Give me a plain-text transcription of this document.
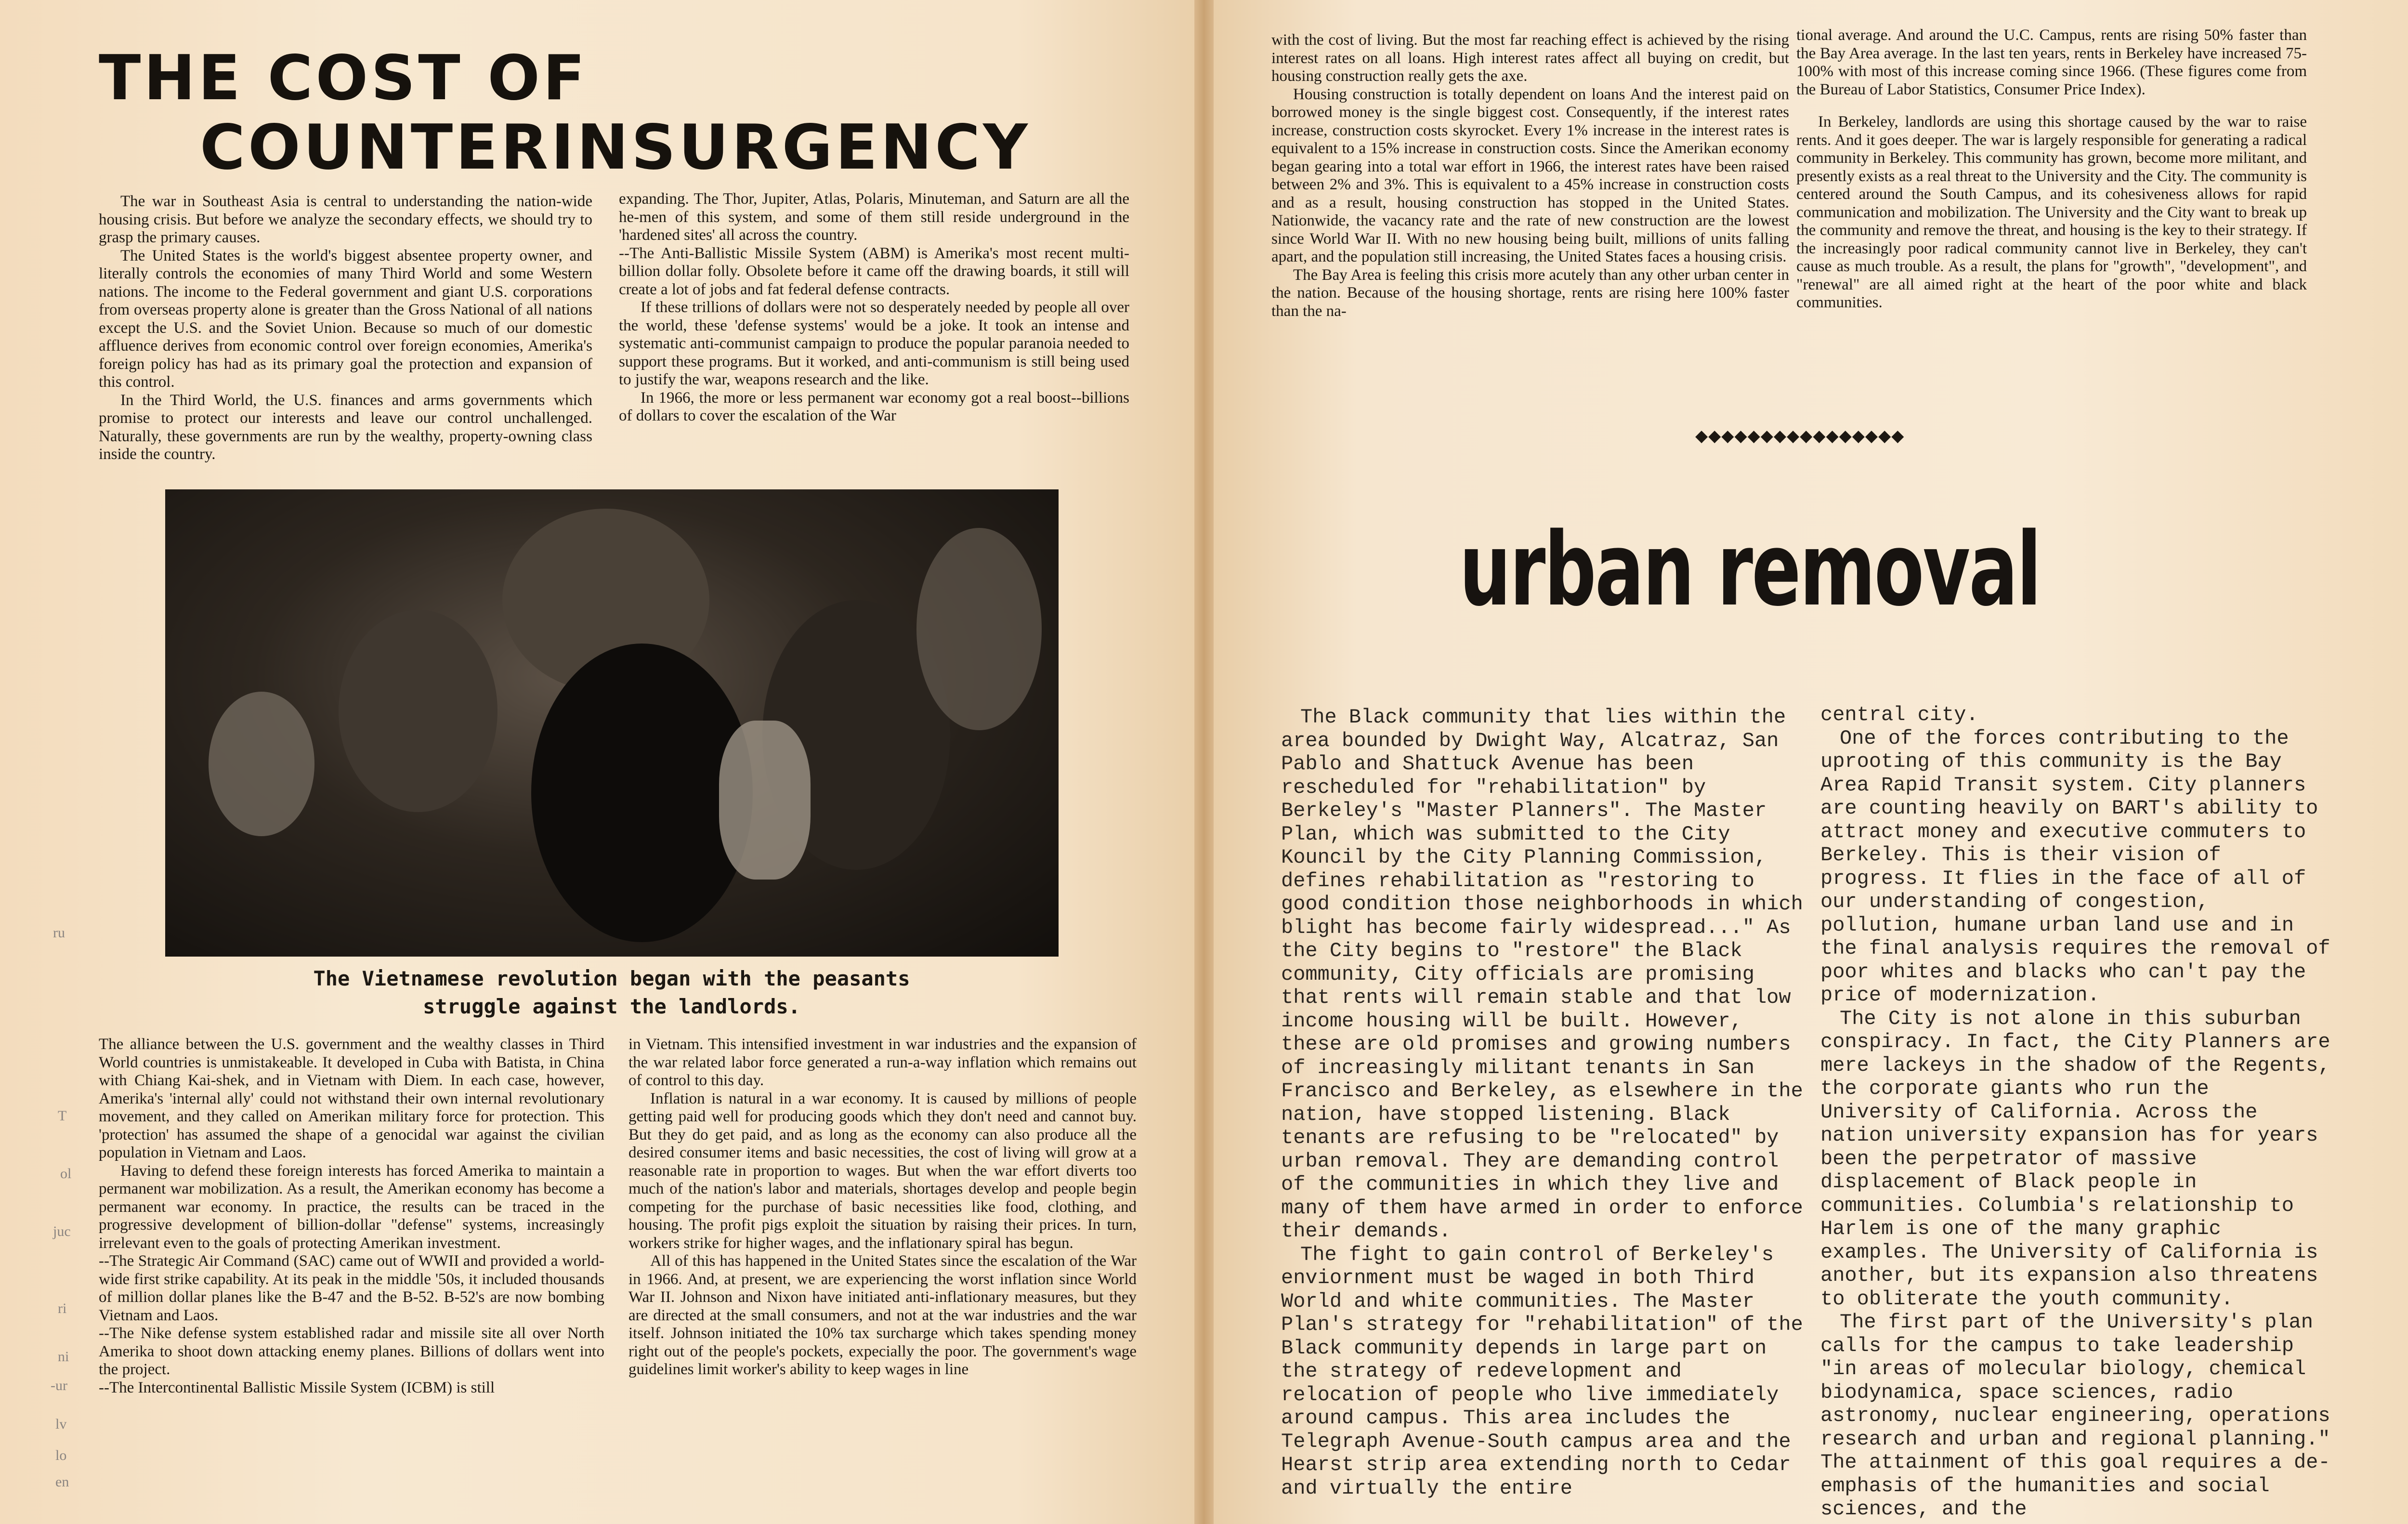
THE COST OF
COUNTERINSURGENCY

The war in Southeast Asia is central to understanding the nation-wide housing crisis. But before we analyze the secondary effects, we should try to grasp the primary causes.

The United States is the world's biggest absentee property owner, and literally controls the economies of many Third World and some Western nations. The income to the Federal government and giant U.S. corporations from overseas property alone is greater than the Gross National of all nations except the U.S. and the Soviet Union. Because so much of our domestic affluence derives from economic control over foreign economies, Amerika's foreign policy has had as its primary goal the protection and expansion of this control.

In the Third World, the U.S. finances and arms governments which promise to protect our interests and leave our control unchallenged. Naturally, these governments are run by the wealthy, property-owning class inside the country.

expanding. The Thor, Jupiter, Atlas, Polaris, Minuteman, and Saturn are all the he-men of this system, and some of them still reside underground in the 'hardened sites' all across the country.

--The Anti-Ballistic Missile System (ABM) is Amerika's most recent multi-billion dollar folly. Obsolete before it came off the drawing boards, it still will create a lot of jobs and fat federal defense contracts.

If these trillions of dollars were not so desperately needed by people all over the world, these 'defense systems' would be a joke. It took an intense and systematic anti-communist campaign to produce the popular paranoia needed to support these programs. But it worked, and anti-communism is still being used to justify the war, weapons research and the like.

In 1966, the more or less permanent war economy got a real boost--billions of dollars to cover the escalation of the War

The Vietnamese revolution began with the peasants
struggle against the landlords.

The alliance between the U.S. government and the wealthy classes in Third World countries is unmistakeable. It developed in Cuba with Batista, in China with Chiang Kai-shek, and in Vietnam with Diem. In each case, however, Amerika's 'internal ally' could not withstand their own internal revolutionary movement, and they called on Amerikan military force for protection. This 'protection' has assumed the shape of a genocidal war against the civilian population in Vietnam and Laos.

Having to defend these foreign interests has forced Amerika to maintain a permanent war mobilization. As a result, the Amerikan economy has become a permanent war economy. In practice, the results can be traced in the progressive development of billion-dollar "defense" systems, increasingly irrelevant even to the goals of protecting Amerikan investment.

--The Strategic Air Command (SAC) came out of WWII and provided a world-wide first strike capability. At its peak in the middle '50s, it included thousands of million dollar planes like the B-47 and the B-52. B-52's are now bombing Vietnam and Laos.

--The Nike defense system established radar and missile site all over North Amerika to shoot down attacking enemy planes. Billions of dollars went into the project.

--The Intercontinental Ballistic Missile System (ICBM) is still

in Vietnam. This intensified investment in war industries and the expansion of the war related labor force generated a run-a-way inflation which remains out of control to this day.

Inflation is natural in a war economy. It is caused by millions of people getting paid well for producing goods which they don't need and cannot buy. But they do get paid, and as long as the economy can also produce all the desired consumer items and basic necessities, the cost of living will grow at a reasonable rate in proportion to wages. But when the war effort diverts too much of the nation's labor and materials, shortages develop and people begin competing for the purchase of basic necessities like food, clothing, and housing. The profit pigs exploit the situation by raising their prices. In turn, workers strike for higher wages, and the inflationary spiral has begun.

All of this has happened in the United States since the escalation of the War in 1966. And, at present, we are experiencing the worst inflation since World War II. Johnson and Nixon have initiated anti-inflationary measures, but they are directed at the small consumers, and not at the war industries and the war itself. Johnson initiated the 10% tax surcharge which takes spending money right out of the people's pockets, expecially the poor. The government's wage guidelines limit worker's ability to keep wages in line

ru
T
ol
juc
ri
ni
-ur
lv
lo
en

with the cost of living. But the most far reaching effect is achieved by the rising interest rates on all loans. High interest rates affect all buying on credit, but housing construction really gets the axe.

Housing construction is totally dependent on loans And the interest paid on borrowed money is the single biggest cost. Consequently, if the interest rates increase, construction costs skyrocket. Every 1% increase in the interest rates is equivalent to a 15% increase in construction costs. Since the Amerikan economy began gearing into a total war effort in 1966, the interest rates have been raised between 2% and 3%. This is equivalent to a 45% increase in construction costs and as a result, housing construction has stopped in the United States. Nationwide, the vacancy rate and the rate of new construction are the lowest since World War II. With no new housing being built, millions of units falling apart, and the population still increasing, the United States faces a housing crisis.

The Bay Area is feeling this crisis more acutely than any other urban center in the nation. Because of the housing shortage, rents are rising here 100% faster than the na-

tional average. And around the U.C. Campus, rents are rising 50% faster than the Bay Area average. In the last ten years, rents in Berkeley have increased 75-100% with most of this increase coming since 1966. (These figures come from the Bureau of Labor Statistics, Consumer Price Index).

In Berkeley, landlords are using this shortage caused by the war to raise rents. And it goes deeper. The war is largely responsible for generating a radical community in Berkeley. This community has grown, become more militant, and presently exists as a real threat to the University and the City. The community is centered around the South Campus, and its cohesiveness allows for rapid communication and mobilization. The University and the City want to break up the community and remove the threat, and housing is the key to their strategy. If the increasingly poor radical community cannot live in Berkeley, they can't cause as much trouble. As a result, the plans for "growth", "development", and "renewal" are all aimed right at the heart of the poor white and black communities.

◆◆◆◆◆◆◆◆◆◆◆◆◆◆◆◆
urban removal

The Black community that lies within the area bounded by Dwight Way, Alcatraz, San Pablo and Shattuck Avenue has been rescheduled for "rehabilitation" by Berkeley's "Master Planners". The Master Plan, which was submitted to the City Kouncil by the City Planning Commission, defines rehabilitation as "restoring to good condition those neighborhoods in which blight has become fairly widespread..." As the City begins to "restore" the Black community, City officials are promising that rents will remain stable and that low income housing will be built. However, these are old promises and growing numbers of increasingly militant tenants in San Francisco and Berkeley, as elsewhere in the nation, have stopped listening. Black tenants are refusing to be "relocated" by urban removal. They are demanding control of the communities in which they live and many of them have armed in order to enforce their demands.

The fight to gain control of Berkeley's enviornment must be waged in both Third World and white communities. The Master Plan's strategy for "rehabilitation" of the Black community depends in large part on the strategy of redevelopment and relocation of people who live immediately around campus. This area includes the Telegraph Avenue-South campus area and the Hearst strip area extending north to Cedar and virtually the entire

central city.

One of the forces contributing to the uprooting of this community is the Bay Area Rapid Transit system. City planners are counting heavily on BART's ability to attract money and executive commuters to Berkeley. This is their vision of progress. It flies in the face of all of our understanding of congestion, pollution, humane urban land use and in the final analysis requires the removal of poor whites and blacks who can't pay the price of modernization.

The City is not alone in this suburban conspiracy. In fact, the City Planners are mere lackeys in the shadow of the Regents, the corporate giants who run the University of California. Across the nation university expansion has for years been the perpetrator of massive displacement of Black people in communities. Columbia's relationship to Harlem is one of the many graphic examples. The University of California is another, but its expansion also threatens to obliterate the youth community.

The first part of the University's plan calls for the campus to take leadership "in areas of molecular biology, chemical biodynamica, space sciences, radio astronomy, nuclear engineering, operations research and urban and regional planning." The attainment of this goal requires a de-emphasis of the humanities and social sciences, and the
